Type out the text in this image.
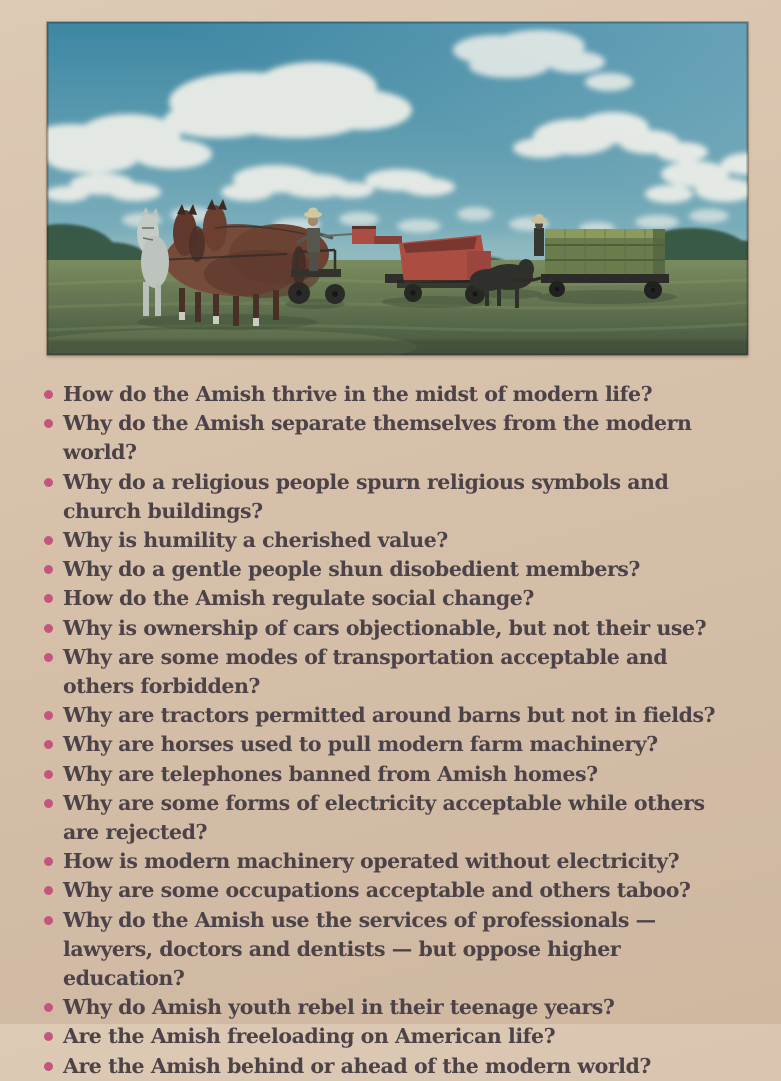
How do the Amish thrive in the midst of modern life?
Why do the Amish separate themselves from the modern world?
Why do a religious people spurn religious symbols and church buildings?
Why is humility a cherished value?
Why do a gentle people shun disobedient members?
How do the Amish regulate social change?
Why is ownership of cars objectionable, but not their use?
Why are some modes of transportation acceptable and others forbidden?
Why are tractors permitted around barns but not in fields?
Why are horses used to pull modern farm machinery?
Why are telephones banned from Amish homes?
Why are some forms of electricity acceptable while others are rejected?
How is modern machinery operated without electricity?
Why are some occupations acceptable and others taboo?
Why do the Amish use the services of professionals — lawyers, doctors and dentists — but oppose higher education?
Why do Amish youth rebel in their teenage years?
Are the Amish freeloading on American life?
Are the Amish behind or ahead of the modern world?
